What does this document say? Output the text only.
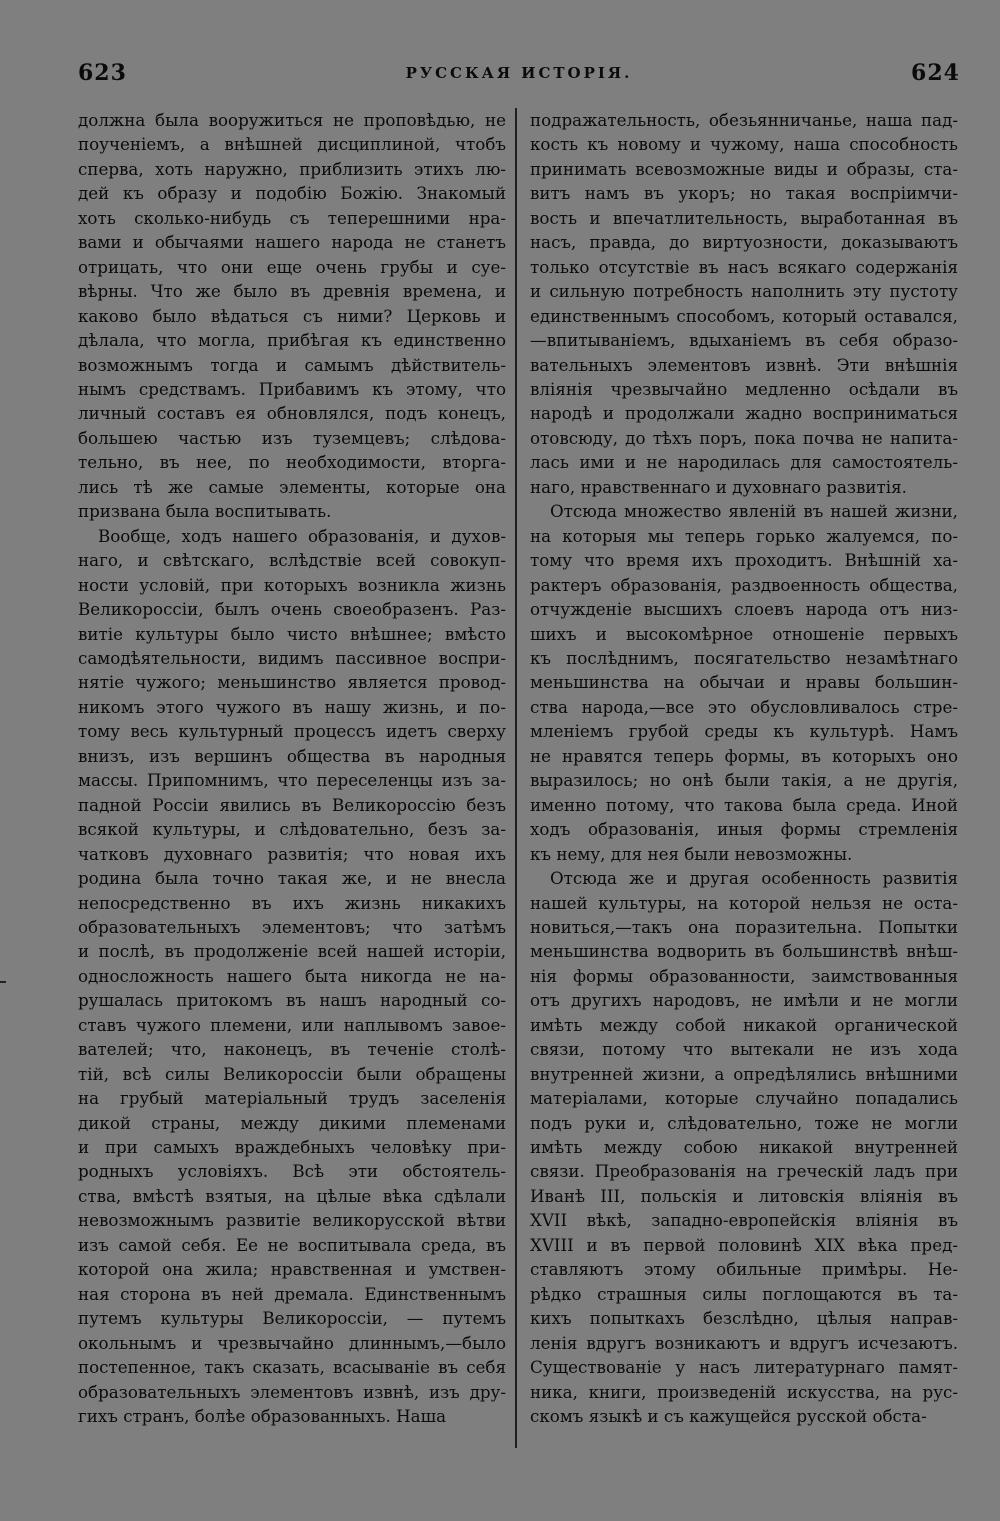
623	РУССКАЯ ИСТОРІЯ.	624

должна была вооружиться не проповѣдью, не
поученіемъ, а внѣшней дисциплиной, чтобъ
сперва, хоть наружно, приблизить этихъ лю-
дей къ образу и подобію Божію. Знакомый
хоть сколько-нибудь съ теперешними нра-
вами и обычаями нашего народа не станетъ
отрицать, что они еще очень грубы и суе-
вѣрны. Что же было въ древнія времена, и
каково было вѣдаться съ ними? Церковь и
дѣлала, что могла, прибѣгая къ единственно
возможнымъ тогда и самымъ дѣйствитель-
нымъ средствамъ. Прибавимъ къ этому, что
личный составъ ея обновлялся, подъ конецъ,
большею частью изъ туземцевъ; слѣдова-
тельно, въ нее, по необходимости, вторга-
лись тѣ же самые элементы, которые она
призвана была воспитывать.

Вообще, ходъ нашего образованія, и духов-
наго, и свѣтскаго, вслѣдствіе всей совокуп-
ности условій, при которыхъ возникла жизнь
Великороссіи, былъ очень своеобразенъ. Раз-
витіе культуры было чисто внѣшнее; вмѣсто
самодѣятельности, видимъ пассивное воспри-
нятіе чужого; меньшинство является провод-
никомъ этого чужого въ нашу жизнь, и по-
тому весь культурный процессъ идетъ сверху
внизъ, изъ вершинъ общества въ народныя
массы. Припомнимъ, что переселенцы изъ за-
падной Россіи явились въ Великороссію безъ
всякой культуры, и слѣдовательно, безъ за-
чатковъ духовнаго развитія; что новая ихъ
родина была точно такая же, и не внесла
непосредственно въ ихъ жизнь никакихъ
образовательныхъ элементовъ; что затѣмъ
и послѣ, въ продолженіе всей нашей исторіи,
односложность нашего быта никогда не на-
рушалась притокомъ въ нашъ народный со-
ставъ чужого племени, или наплывомъ завое-
вателей; что, наконецъ, въ теченіе столѣ-
тій, всѣ силы Великороссіи были обращены
на грубый матеріальный трудъ заселенія
дикой страны, между дикими племенами
и при самыхъ враждебныхъ человѣку при-
родныхъ условіяхъ. Всѣ эти обстоятель-
ства, вмѣстѣ взятыя, на цѣлые вѣка сдѣлали
невозможнымъ развитіе великорусской вѣтви
изъ самой себя. Ее не воспитывала среда, въ
которой она жила; нравственная и умствен-
ная сторона въ ней дремала. Единственнымъ
путемъ культуры Великороссіи, — путемъ
окольнымъ и чрезвычайно длиннымъ,—было
постепенное, такъ сказать, всасываніе въ себя
образовательныхъ элементовъ извнѣ, изъ дру-
гихъ странъ, болѣе образованныхъ. Наша

подражательность, обезьянничанье, наша пад-
кость къ новому и чужому, наша способность
принимать всевозможные виды и образы, ста-
витъ намъ въ укоръ; но такая воспріимчи-
вость и впечатлительность, выработанная въ
насъ, правда, до виртуозности, доказываютъ
только отсутствіе въ насъ всякаго содержанія
и сильную потребность наполнить эту пустоту
единственнымъ способомъ, который оставался,
—впитываніемъ, вдыханіемъ въ себя образо-
вательныхъ элементовъ извнѣ. Эти внѣшнія
вліянія чрезвычайно медленно осѣдали въ
народѣ и продолжали жадно восприниматься
отовсюду, до тѣхъ поръ, пока почва не напита-
лась ими и не народилась для самостоятель-
наго, нравственнаго и духовнаго развитія.

Отсюда множество явленій въ нашей жизни,
на которыя мы теперь горько жалуемся, по-
тому что время ихъ проходитъ. Внѣшній ха-
рактеръ образованія, раздвоенность общества,
отчужденіе высшихъ слоевъ народа отъ низ-
шихъ и высокомѣрное отношеніе первыхъ
къ послѣднимъ, посягательство незамѣтнаго
меньшинства на обычаи и нравы большин-
ства народа,—все это обусловливалось стре-
мленіемъ грубой среды къ культурѣ. Намъ
не нравятся теперь формы, въ которыхъ оно
выразилось; но онѣ были такія, а не другія,
именно потому, что такова была среда. Иной
ходъ образованія, иныя формы стремленія
къ нему, для нея были невозможны.

Отсюда же и другая особенность развитія
нашей культуры, на которой нельзя не оста-
новиться,—такъ она поразительна. Попытки
меньшинства водворить въ большинствѣ внѣш-
нія формы образованности, заимствованныя
отъ другихъ народовъ, не имѣли и не могли
имѣть между собой никакой органической
связи, потому что вытекали не изъ хода
внутренней жизни, а опредѣлялись внѣшними
матеріалами, которые случайно попадались
подъ руки и, слѣдовательно, тоже не могли
имѣть между собою никакой внутренней
связи. Преобразованія на греческій ладъ при
Иванѣ III, польскія и литовскія вліянія въ
XVII вѣкѣ, западно-европейскія вліянія въ
XVIII и въ первой половинѣ XIX вѣка пред-
ставляютъ этому обильные примѣры. Не-
рѣдко страшныя силы поглощаются въ та-
кихъ попыткахъ безслѣдно, цѣлыя направ-
ленія вдругъ возникаютъ и вдругъ исчезаютъ.
Существованіе у насъ литературнаго памят-
ника, книги, произведеній искусства, на рус-
скомъ языкѣ и съ кажущейся русской обста-
